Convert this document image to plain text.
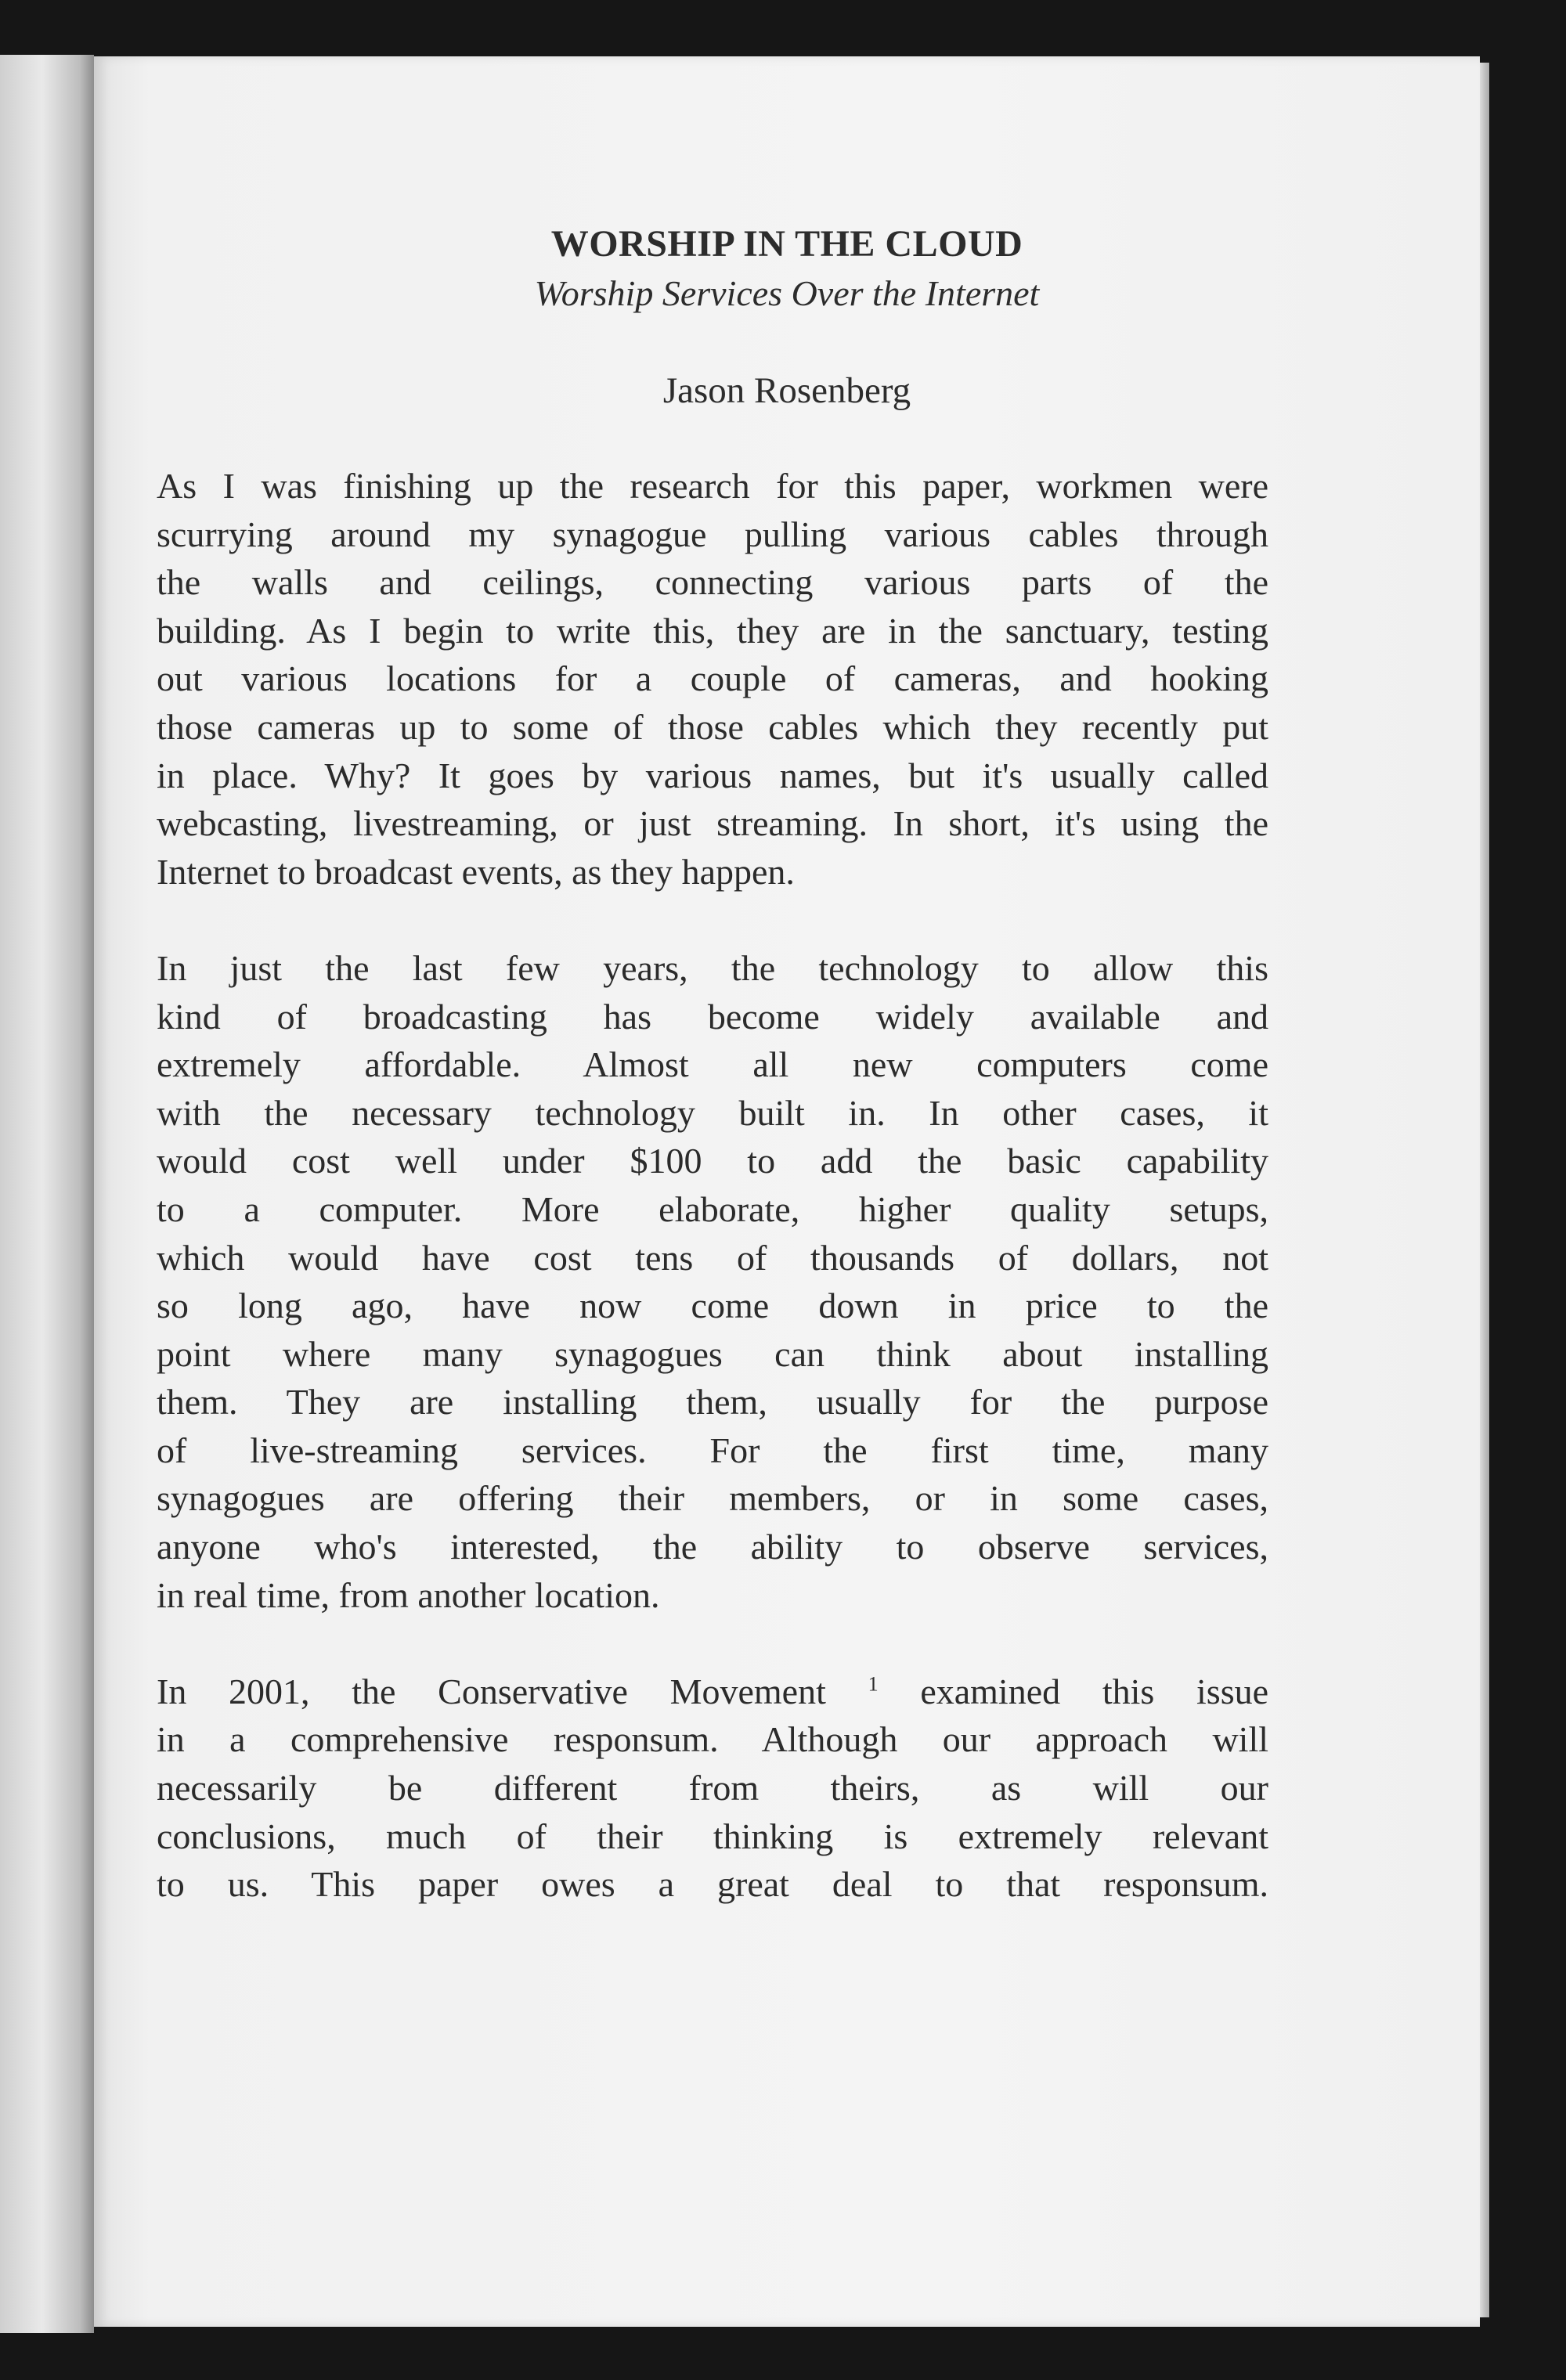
WORSHIP IN THE CLOUD
Worship Services Over the Internet
Jason Rosenberg
As I was finishing up the research for this paper, workmen were
scurrying around my synagogue pulling various cables through
the walls and ceilings, connecting various parts of the
building. As I begin to write this, they are in the sanctuary, testing
out various locations for a couple of cameras, and hooking
those cameras up to some of those cables which they recently put
in place. Why? It goes by various names, but it's usually called
webcasting, livestreaming, or just streaming. In short, it's using the
Internet to broadcast events, as they happen.
In just the last few years, the technology to allow this
kind of broadcasting has become widely available and
extremely affordable. Almost all new computers come
with the necessary technology built in. In other cases, it
would cost well under $100 to add the basic capability
to a computer. More elaborate, higher quality setups,
which would have cost tens of thousands of dollars, not
so long ago, have now come down in price to the
point where many synagogues can think about installing
them. They are installing them, usually for the purpose
of live-streaming services. For the first time, many
synagogues are offering their members, or in some cases,
anyone who's interested, the ability to observe services,
in real time, from another location.
In 2001, the Conservative Movement $^1$ examined this issue
in a comprehensive responsum. Although our approach will
necessarily be different from theirs, as will our
conclusions, much of their thinking is extremely relevant
to us. This paper owes a great deal to that responsum.
